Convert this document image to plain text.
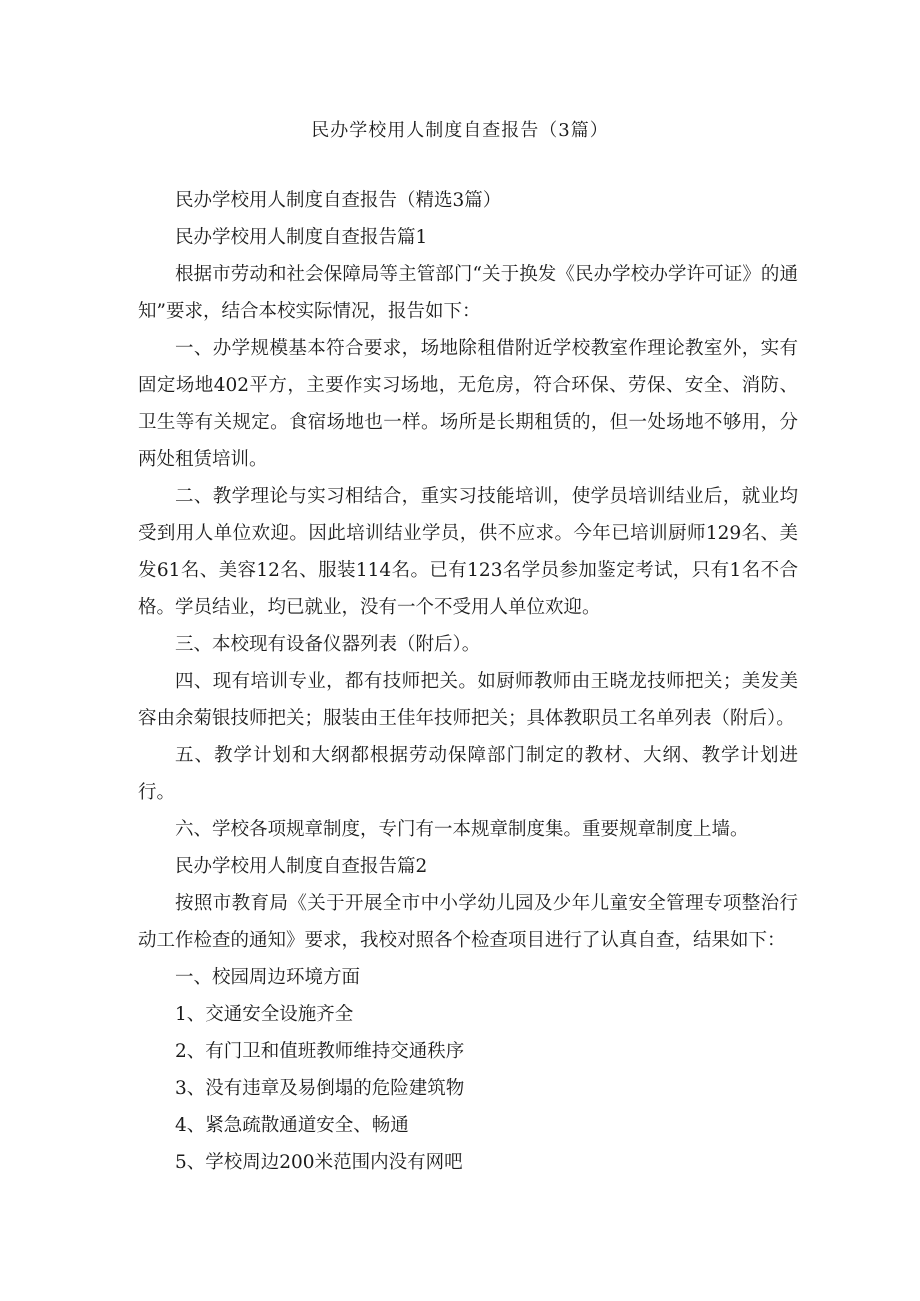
民办学校用人制度自查报告（3篇）

民办学校用人制度自查报告（精选3篇）

民办学校用人制度自查报告篇1

根据市劳动和社会保障局等主管部门“关于换发《民办学校办学许可证》的通知”要求，结合本校实际情况，报告如下：

一、办学规模基本符合要求，场地除租借附近学校教室作理论教室外，实有固定场地402平方，主要作实习场地，无危房，符合环保、劳保、安全、消防、卫生等有关规定。食宿场地也一样。场所是长期租赁的，但一处场地不够用，分两处租赁培训。

二、教学理论与实习相结合，重实习技能培训，使学员培训结业后，就业均受到用人单位欢迎。因此培训结业学员，供不应求。今年已培训厨师129名、美发61名、美容12名、服装114名。已有123名学员参加鉴定考试，只有1名不合格。学员结业，均已就业，没有一个不受用人单位欢迎。

三、本校现有设备仪器列表（附后）。

四、现有培训专业，都有技师把关。如厨师教师由王晓龙技师把关；美发美容由余菊银技师把关；服装由王佳年技师把关；具体教职员工名单列表（附后）。

五、教学计划和大纲都根据劳动保障部门制定的教材、大纲、教学计划进行。

六、学校各项规章制度，专门有一本规章制度集。重要规章制度上墙。

民办学校用人制度自查报告篇2

按照市教育局《关于开展全市中小学幼儿园及少年儿童安全管理专项整治行动工作检查的通知》要求，我校对照各个检查项目进行了认真自查，结果如下：

一、校园周边环境方面

1、交通安全设施齐全

2、有门卫和值班教师维持交通秩序

3、没有违章及易倒塌的危险建筑物

4、紧急疏散通道安全、畅通

5、学校周边200米范围内没有网吧
